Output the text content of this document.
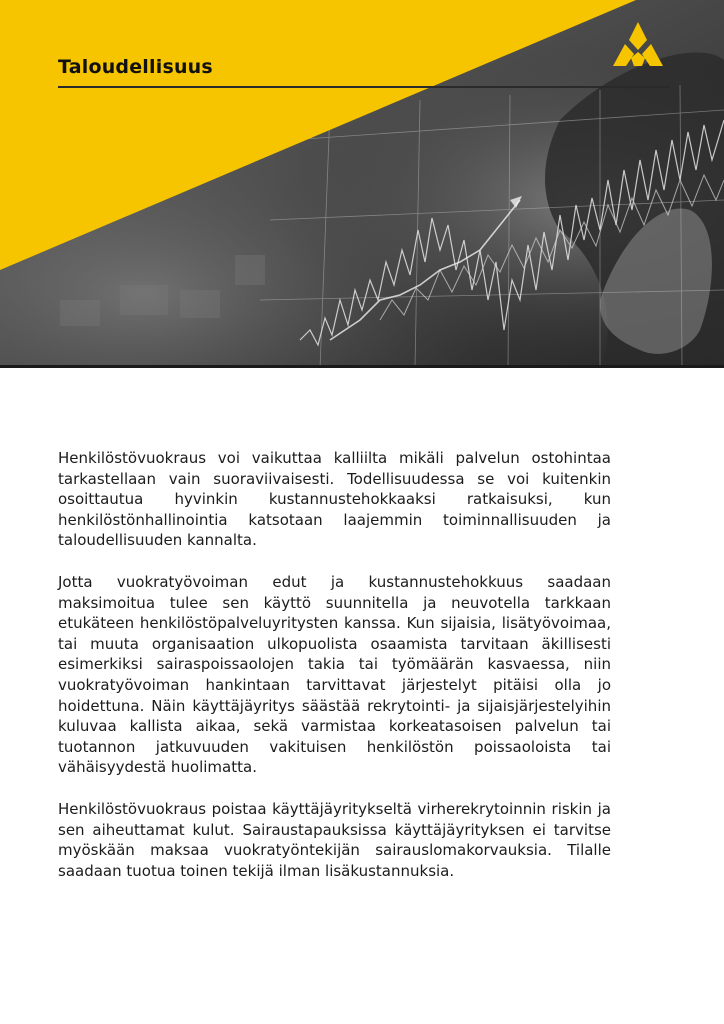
Taloudellisuus

Henkilöstövuokraus voi vaikuttaa kalliilta mikäli palvelun ostohintaa tarkastellaan vain suoraviivaisesti. Todellisuudessa se voi kuitenkin osoittautua hyvinkin kustannustehokkaaksi ratkaisuksi, kun henkilöstönhallinointia katsotaan laajemmin toiminnallisuuden ja taloudellisuuden kannalta.

Jotta vuokratyövoiman edut ja kustannustehokkuus saadaan maksimoitua tulee sen käyttö suunnitella ja neuvotella tarkkaan etukäteen henkilöstöpalveluyritysten kanssa. Kun sijaisia, lisätyövoimaa, tai muuta organisaation ulkopuolista osaamista tarvitaan äkillisesti esimerkiksi sairaspoissaolojen takia tai työmäärän kasvaessa, niin vuokratyövoiman hankintaan tarvittavat järjestelyt pitäisi olla jo hoidettuna. Näin käyttäjäyritys säästää rekrytointi- ja sijaisjärjestelyihin kuluvaa kallista aikaa, sekä varmistaa korkeatasoisen palvelun tai tuotannon jatkuvuuden vakituisen henkilöstön poissaoloista tai vähäisyydestä huolimatta.

Henkilöstövuokraus poistaa käyttäjäyritykseltä virherekrytoinnin riskin ja sen aiheuttamat kulut. Sairaustapauksissa käyttäjäyrityksen ei tarvitse myöskään maksaa vuokratyöntekijän sairauslomakorvauksia. Tilalle saadaan tuotua toinen tekijä ilman lisäkustannuksia.
